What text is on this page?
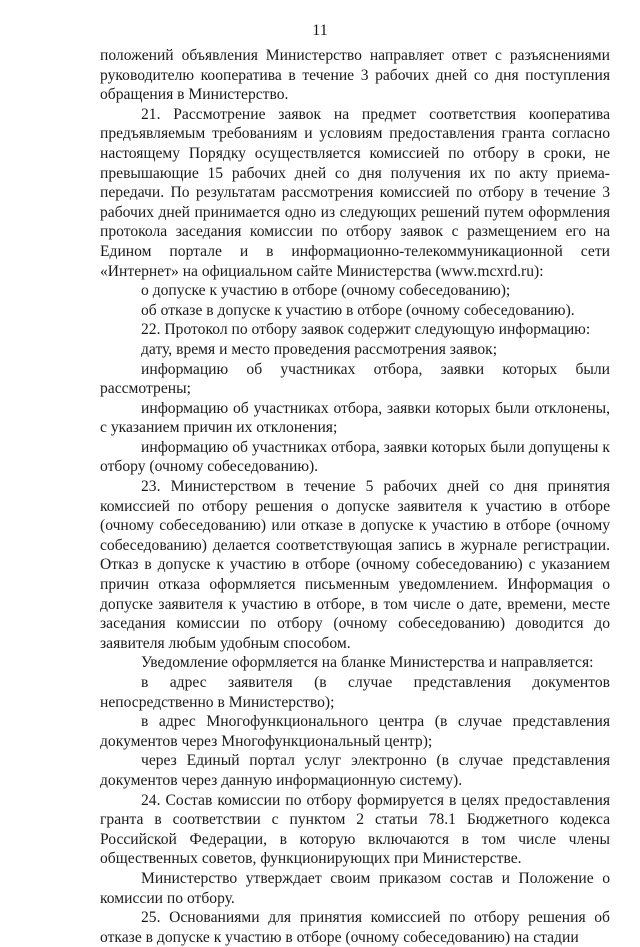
11

положений объявления Министерство направляет ответ с разъяснениями руководителю кооператива в течение 3 рабочих дней со дня поступления обращения в Министерство.

21. Рассмотрение заявок на предмет соответствия кооператива предъявляемым требованиям и условиям предоставления гранта согласно настоящему Порядку осуществляется комиссией по отбору в сроки, не превышающие 15 рабочих дней со дня получения их по акту приема-передачи. По результатам рассмотрения комиссией по отбору в течение 3 рабочих дней принимается одно из следующих решений путем оформления протокола заседания комиссии по отбору заявок с размещением его на Едином портале и в информационно-телекоммуникационной сети «Интернет» на официальном сайте Министерства (www.mcxrd.ru):

о допуске к участию в отборе (очному собеседованию);

об отказе в допуске к участию в отборе (очному собеседованию).

22. Протокол по отбору заявок содержит следующую информацию:

дату, время и место проведения рассмотрения заявок;

информацию об участниках отбора, заявки которых были рассмотрены;

информацию об участниках отбора, заявки которых были отклонены, с указанием причин их отклонения;

информацию об участниках отбора, заявки которых были допущены к отбору (очному собеседованию).

23. Министерством в течение 5 рабочих дней со дня принятия комиссией по отбору решения о допуске заявителя к участию в отборе (очному собеседованию) или отказе в допуске к участию в отборе (очному собеседованию) делается соответствующая запись в журнале регистрации. Отказ в допуске к участию в отборе (очному собеседованию) с указанием причин отказа оформляется письменным уведомлением. Информация о допуске заявителя к участию в отборе, в том числе о дате, времени, месте заседания комиссии по отбору (очному собеседованию) доводится до заявителя любым удобным способом.

Уведомление оформляется на бланке Министерства и направляется:

в адрес заявителя (в случае представления документов непосредственно в Министерство);

в адрес Многофункционального центра (в случае представления документов через Многофункциональный центр);

через Единый портал услуг электронно (в случае представления документов через данную информационную систему).

24. Состав комиссии по отбору формируется в целях предоставления гранта в соответствии с пунктом 2 статьи 78.1 Бюджетного кодекса Российской Федерации, в которую включаются в том числе члены общественных советов, функционирующих при Министерстве.

Министерство утверждает своим приказом состав и Положение о комиссии по отбору.

25. Основаниями для принятия комиссией по отбору решения об отказе в допуске к участию в отборе (очному собеседованию) на стадии
